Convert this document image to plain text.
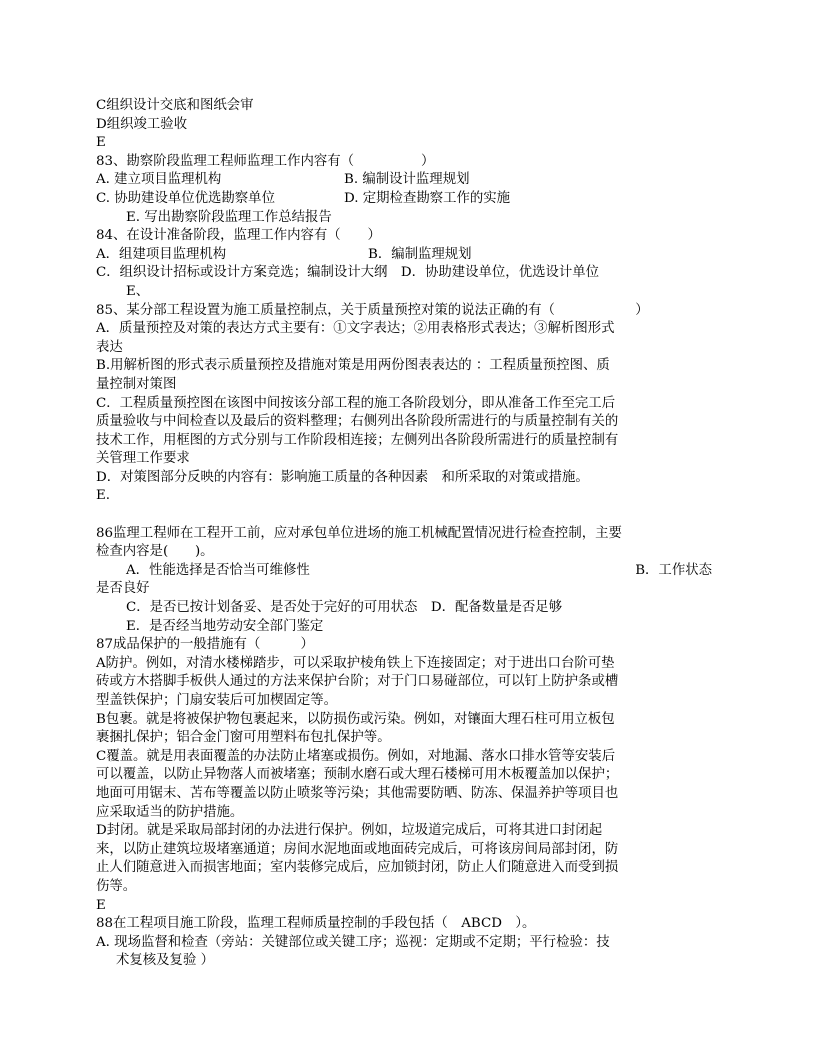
C组织设计交底和图纸会审
D组织竣工验收
E
83、勘察阶段监理工程师监理工作内容有（　　　　　）
A. 建立项目监理机构	B. 编制设计监理规划
C. 协助建设单位优选勘察单位	D. 定期检查勘察工作的实施
E. 写出勘察阶段监理工作总结报告
84、在设计准备阶段，监理工作内容有（　　）
A．组建项目监理机构	B．编制监理规划
C．组织设计招标或设计方案竞选；编制设计大纲　D．协助建设单位，优选设计单位
E、
85、某分部工程设置为施工质量控制点，关于质量预控对策的说法正确的有（　　　　　　）
A．质量预控及对策的表达方式主要有：①文字表达；②用表格形式表达；③解析图形式
表达
B.用解析图的形式表示质量预控及措施对策是用两份图表表达的 ：工程质量预控图、质
量控制对策图
C．工程质量预控图在该图中间按该分部工程的施工各阶段划分，即从准备工作至完工后
质量验收与中间检查以及最后的资料整理；右侧列出各阶段所需进行的与质量控制有关的
技术工作，用框图的方式分别与工作阶段相连接；左侧列出各阶段所需进行的质量控制有
关管理工作要求
D．对策图部分反映的内容有：影响施工质量的各种因素　和所采取的对策或措施。
E.
86监理工程师在工程开工前，应对承包单位进场的施工机械配置情况进行检查控制，主要
检查内容是(　　)。
A．性能选择是否恰当可维修性	B．工作状态
是否良好
C．是否已按计划备妥、是否处于完好的可用状态　D．配备数量是否足够
E．是否经当地劳动安全部门鉴定
87成品保护的一般措施有（　　　）
A防护。例如，对清水楼梯踏步，可以采取护棱角铁上下连接固定；对于进出口台阶可垫
砖或方木搭脚手板供人通过的方法来保护台阶；对于门口易碰部位，可以钉上防护条或槽
型盖铁保护；门扇安装后可加楔固定等。
B包裹。就是将被保护物包裹起来，以防损伤或污染。例如，对镶面大理石柱可用立板包
裹捆扎保护；铝合金门窗可用塑料布包扎保护等。
C覆盖。就是用表面覆盖的办法防止堵塞或损伤。例如，对地漏、落水口排水管等安装后
可以覆盖，以防止异物落人而被堵塞；预制水磨石或大理石楼梯可用木板覆盖加以保护；
地面可用锯末、苫布等覆盖以防止喷浆等污染；其他需要防晒、防冻、保温养护等项目也
应采取适当的防护措施。
D封闭。就是采取局部封闭的办法进行保护。例如，垃圾道完成后，可将其进口封闭起
来，以防止建筑垃圾堵塞通道；房间水泥地面或地面砖完成后，可将该房间局部封闭，防
止人们随意进入而损害地面；室内装修完成后，应加锁封闭，防止人们随意进入而受到损
伤等。
E
88在工程项目施工阶段，监理工程师质量控制的手段包括（　ABCD　）。
A. 现场监督和检查（旁站：关键部位或关键工序；巡视：定期或不定期；平行检验：技
术复核及复验 ）
